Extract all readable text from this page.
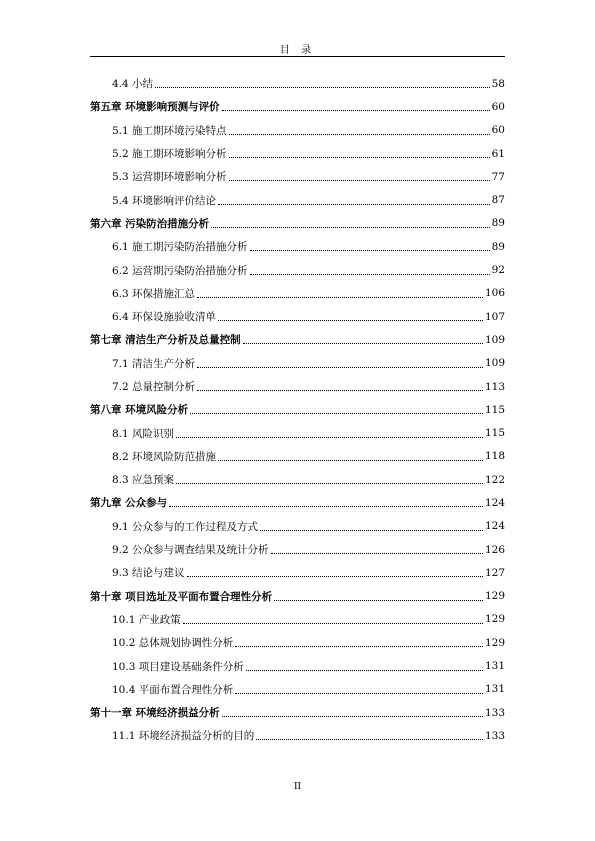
目 录
4.4 小结	58
第五章 环境影响预测与评价	60
5.1 施工期环境污染特点	60
5.2 施工期环境影响分析	61
5.3 运营期环境影响分析	77
5.4 环境影响评价结论	87
第六章 污染防治措施分析	89
6.1 施工期污染防治措施分析	89
6.2 运营期污染防治措施分析	92
6.3 环保措施汇总	106
6.4 环保设施验收清单	107
第七章 清洁生产分析及总量控制	109
7.1 清洁生产分析	109
7.2 总量控制分析	113
第八章 环境风险分析	115
8.1 风险识别	115
8.2 环境风险防范措施	118
8.3 应急预案	122
第九章 公众参与	124
9.1 公众参与的工作过程及方式	124
9.2 公众参与调查结果及统计分析	126
9.3 结论与建议	127
第十章 项目选址及平面布置合理性分析	129
10.1 产业政策	129
10.2 总体规划协调性分析	129
10.3 项目建设基础条件分析	131
10.4 平面布置合理性分析	131
第十一章 环境经济损益分析	133
11.1 环境经济损益分析的目的	133
II
